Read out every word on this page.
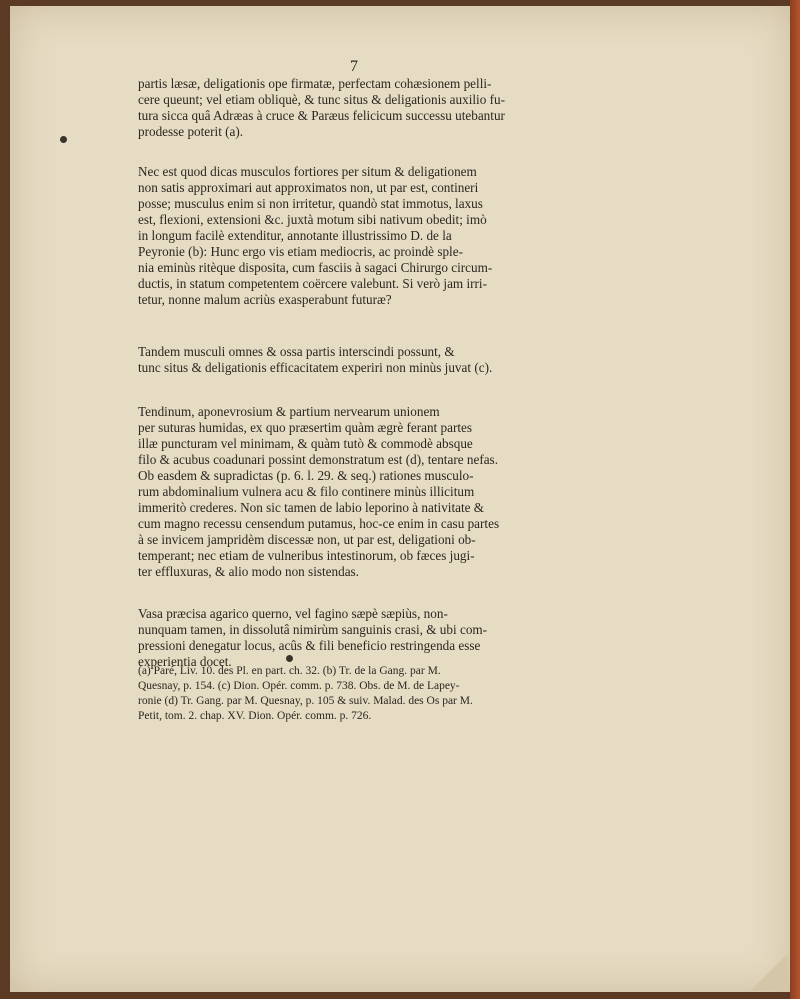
7
partis læsæ, deligationis ope firmatæ, perfectam cohæsionem pelli-
cere queunt; vel etiam obliquè, & tunc situs & deligationis auxilio fu-
tura sicca quâ Adræas à cruce & Paræus felicicum successu utebantur
prodesse poterit (a).
Nec est quod dicas musculos fortiores per situm & deligationem
non satis approximari aut approximatos non, ut par est, contineri
posse; musculus enim si non irritetur, quandò stat immotus, laxus
est, flexioni, extensioni &c. juxtà motum sibi nativum obedit; imò
in longum facilè extenditur, annotante illustrissimo D. de la
Peyronie (b): Hunc ergo vis etiam mediocris, ac proindè sple-
nia eminùs ritèque disposita, cum fasciis à sagaci Chirurgo circum-
ductis, in statum competentem coërcere valebunt. Si verò jam irri-
tetur, nonne malum acriùs exasperabunt futuræ?
Tandem musculi omnes & ossa partis interscindi possunt, &
tunc situs & deligationis efficacitatem experiri non minùs juvat (c).
Tendinum, aponevrosium & partium nervearum unionem
per suturas humidas, ex quo præsertim quàm ægrè ferant partes
illæ puncturam vel minimam, & quàm tutò & commodè absque
filo & acubus coadunari possint demonstratum est (d), tentare nefas.
Ob easdem & supradictas (p. 6. l. 29. & seq.) rationes musculo-
rum abdominalium vulnera acu & filo continere minùs illicitum
immeritò crederes. Non sic tamen de labio leporino à nativitate &
cum magno recessu censendum putamus, hoc-ce enim in casu partes
à se invicem jampridèm discessæ non, ut par est, deligationi ob-
temperant; nec etiam de vulneribus intestinorum, ob fæces jugi-
ter effluxuras, & alio modo non sistendas.
Vasa præcisa agarico querno, vel fagino sæpè sæpiùs, non-
nunquam tamen, in dissolutâ nimirùm sanguinis crasi, & ubi com-
pressioni denegatur locus, acûs & fili beneficio restringenda esse
experientia docet.
(a) Paré, Liv. 10. des Pl. en part. ch. 32. (b) Tr. de la Gang. par M.
Quesnay, p. 154. (c) Dion. Opér. comm. p. 738. Obs. de M. de Lapey-
ronie (d) Tr. Gang. par M. Quesnay, p. 105 & suiv. Malad. des Os par M.
Petit, tom. 2. chap. XV. Dion. Opér. comm. p. 726.
